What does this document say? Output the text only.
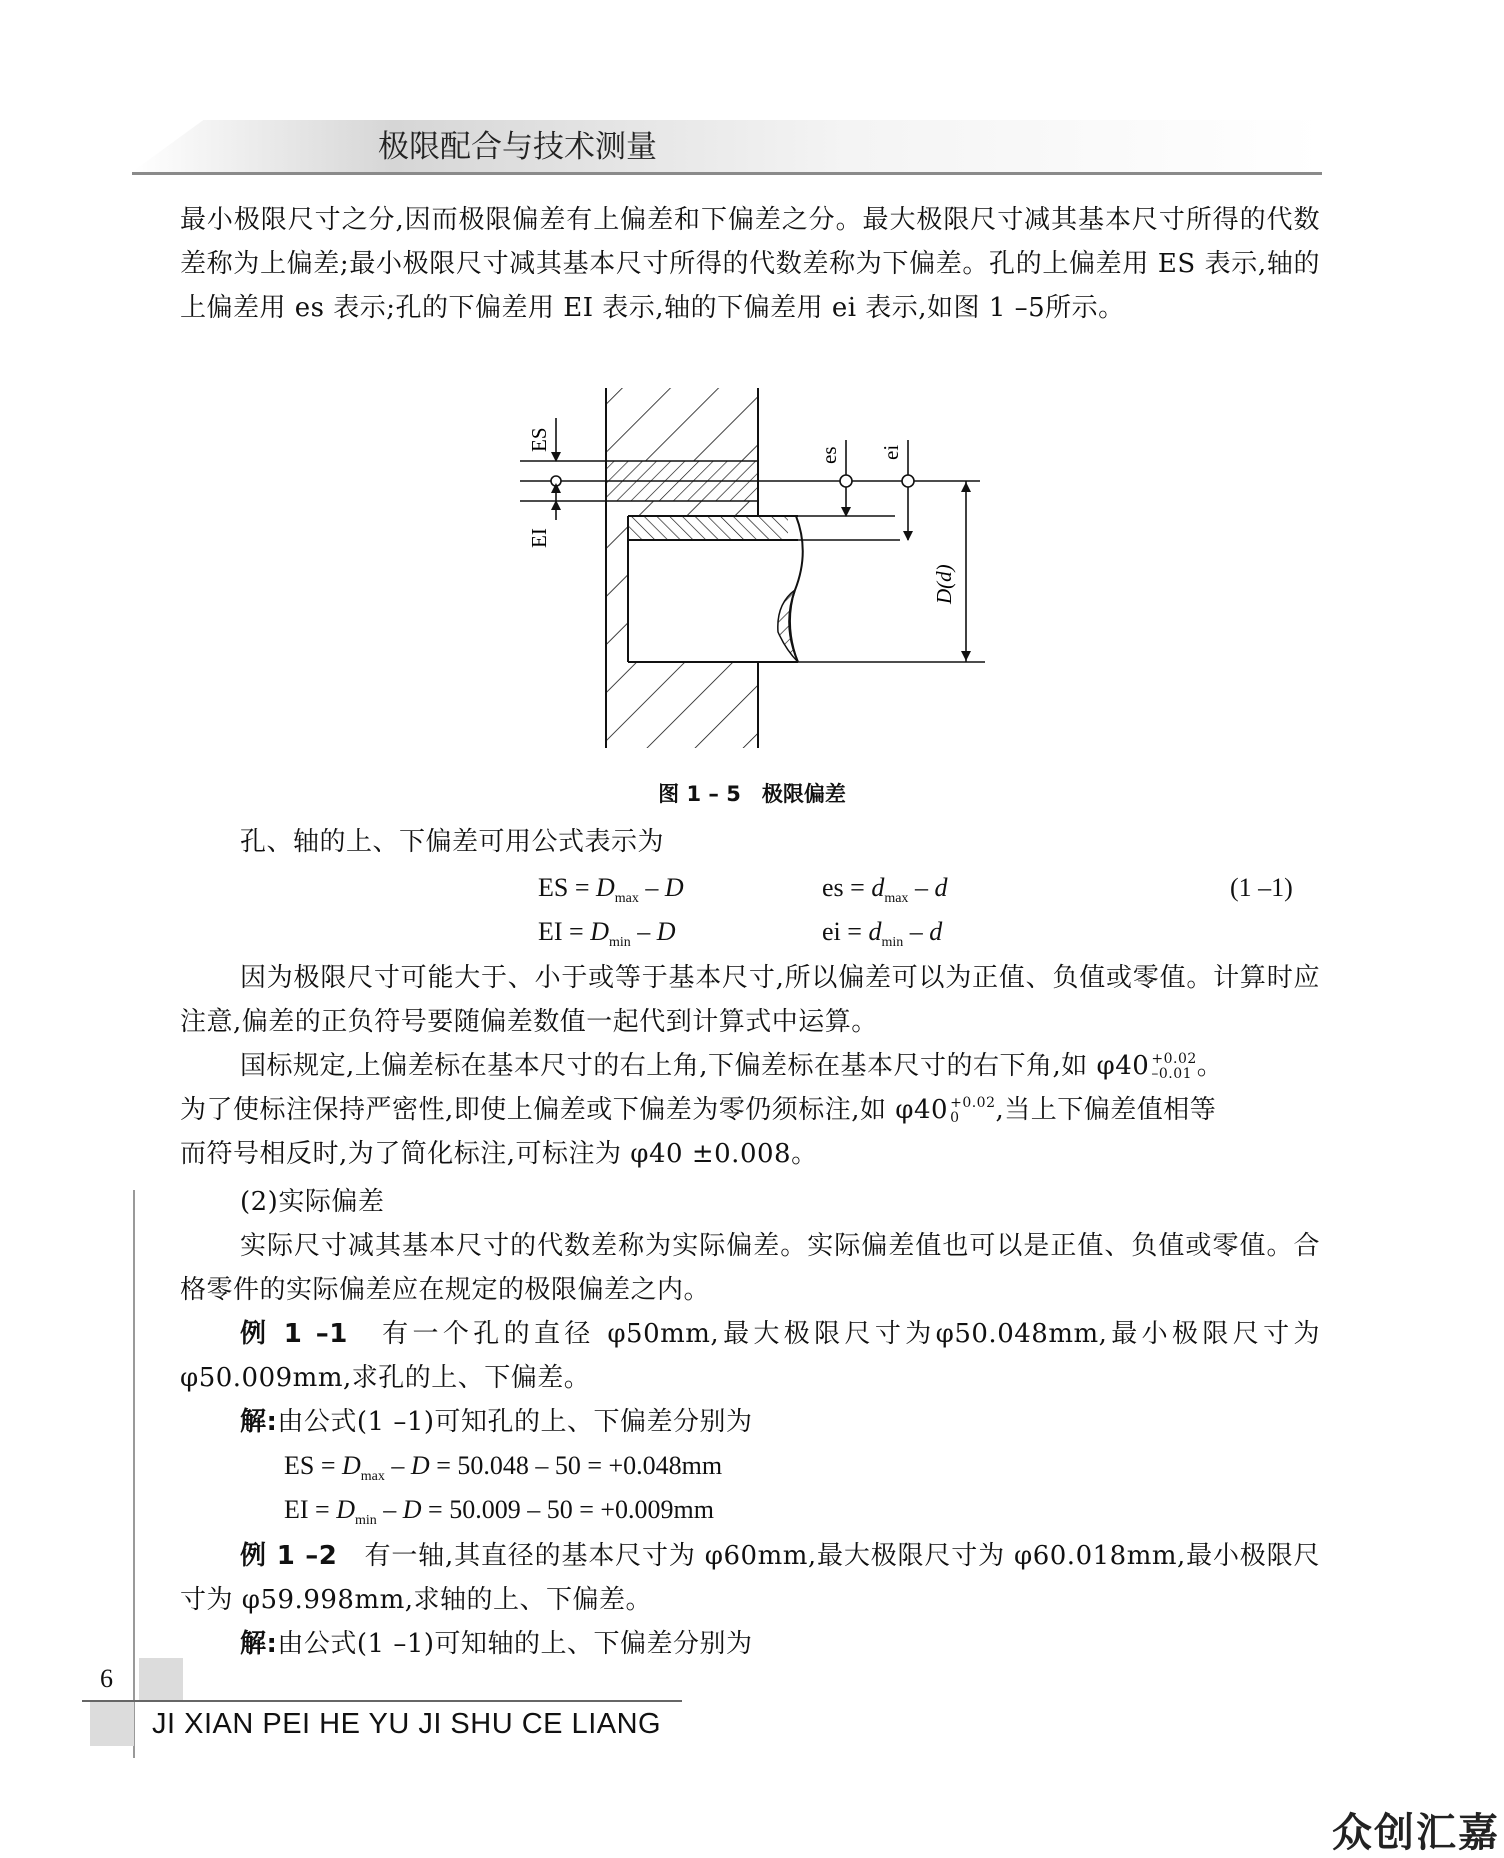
极限配合与技术测量

最小极限尺寸之分,因而极限偏差有上偏差和下偏差之分。最大极限尺寸减其基本尺寸所得的代数差称为上偏差;最小极限尺寸减其基本尺寸所得的代数差称为下偏差。孔的上偏差用 ES 表示,轴的上偏差用 es 表示;孔的下偏差用 EI 表示,轴的下偏差用 ei 表示,如图 1 –5所示。

ES
EI
es ei
D(d)
图 1 – 5　极限偏差
孔、轴的上、下偏差可用公式表示为
ES = $D_{max}$ – D	es = $d_{max}$ – d	(1 –1)
EI = $D_{min}$ – D	ei = $d_{min}$ – d

因为极限尺寸可能大于、小于或等于基本尺寸,所以偏差可以为正值、负值或零值。计算时应注意,偏差的正负符号要随偏差数值一起代到计算式中运算。

国标规定,上偏差标在基本尺寸的右上角,下偏差标在基本尺寸的右下角,如 φ40 +0.02
–0.01 。
为了使标注保持严密性,即使上偏差或下偏差为零仍须标注,如 φ40 +0.02
0	,当上下偏差值相等
而符号相反时,为了简化标注,可标注为 φ40 ±0.008。
(2)实际偏差

实际尺寸减其基本尺寸的代数差称为实际偏差。实际偏差值也可以是正值、负值或零值。合格零件的实际偏差应在规定的极限偏差之内。

例 1 –1　有一个孔的直径 φ50mm,最大极限尺寸为φ50.048mm,最小极限尺寸为φ50.009mm,求孔的上、下偏差。

解:由公式(1 –1)可知孔的上、下偏差分别为
ES = $D_{max} - D = 50.048 - 50 = +0.048mm$
EI = $D_{min} - D = 50.009 - 50 = +0.009mm$

例 1 –2　有一轴,其直径的基本尺寸为 φ60mm,最大极限尺寸为 φ60.018mm,最小极限尺寸为 φ59.998mm,求轴的上、下偏差。

解:由公式(1 –1)可知轴的上、下偏差分别为
6
JI XIAN PEI HE YU JI SHU CE LIANG
众创汇嘉
